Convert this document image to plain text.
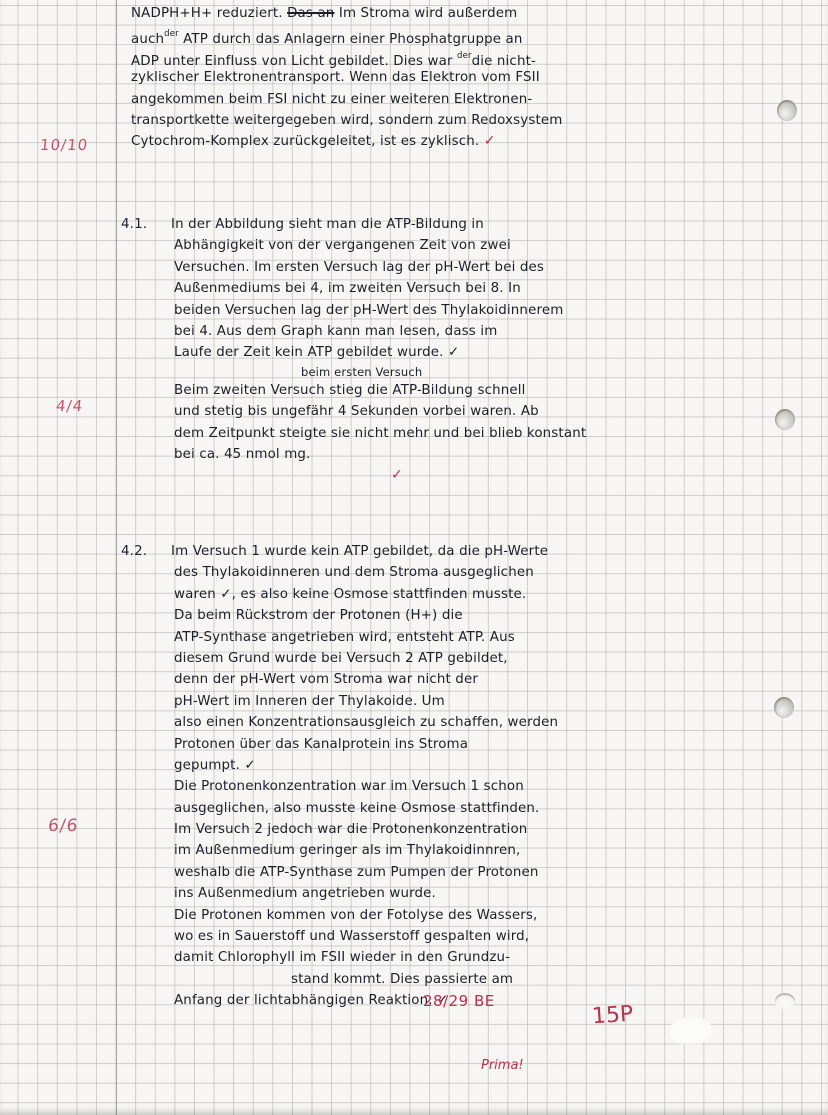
10/10
4/4
6/6
NADPH+H+ reduziert. Das an Im Stroma wird außerdem
auch$^{der}$ ATP durch das Anlagern einer Phosphatgruppe an
ADP unter Einfluss von Licht gebildet. Dies war $^{der}$die nicht-
zyklischer Elektronentransport. Wenn das Elektron vom FSII
angekommen beim FSI nicht zu einer weiteren Elektronen-
transportkette weitergegeben wird, sondern zum Redoxsystem
Cytochrom-Komplex zurückgeleitet, ist es zyklisch. ✓
4.1. In der Abbildung sieht man die ATP-Bildung in
Abhängigkeit von der vergangenen Zeit von zwei
Versuchen. Im ersten Versuch lag der pH-Wert bei des
Außenmediums bei 4, im zweiten Versuch bei 8. In
beiden Versuchen lag der pH-Wert des Thylakoidinnerem
bei 4. Aus dem Graph kann man lesen, dass im
Laufe der Zeit kein ATP gebildet wurde. ✓
beim ersten Versuch
Beim zweiten Versuch stieg die ATP-Bildung schnell
und stetig bis ungefähr 4 Sekunden vorbei waren. Ab
dem Zeitpunkt steigte sie nicht mehr und bei blieb konstant
bei ca. 45 nmol mg.
✓
4.2. Im Versuch 1 wurde kein ATP gebildet, da die pH-Werte
des Thylakoidinneren und dem Stroma ausgeglichen
waren ✓, es also keine Osmose stattfinden musste.
Da beim Rückstrom der Protonen (H+) die
ATP-Synthase angetrieben wird, entsteht ATP. Aus
diesem Grund wurde bei Versuch 2 ATP gebildet,
denn der pH-Wert vom Stroma war nicht der
pH-Wert im Inneren der Thylakoide. Um
also einen Konzentrationsausgleich zu schaffen, werden
Protonen über das Kanalprotein ins Stroma
gepumpt. ✓
Die Protonenkonzentration war im Versuch 1 schon
ausgeglichen, also musste keine Osmose stattfinden.
Im Versuch 2 jedoch war die Protonenkonzentration
im Außenmedium geringer als im Thylakoidinnren,
weshalb die ATP-Synthase zum Pumpen der Protonen
ins Außenmedium angetrieben wurde.
Die Protonen kommen von der Fotolyse des Wassers,
wo es in Sauerstoff und Wasserstoff gespalten wird,
damit Chlorophyll im FSII wieder in den Grundzu-
stand kommt. Dies passierte am
Anfang der lichtabhängigen Reaktion. ✓
28/29 BE
15P
Prima!
